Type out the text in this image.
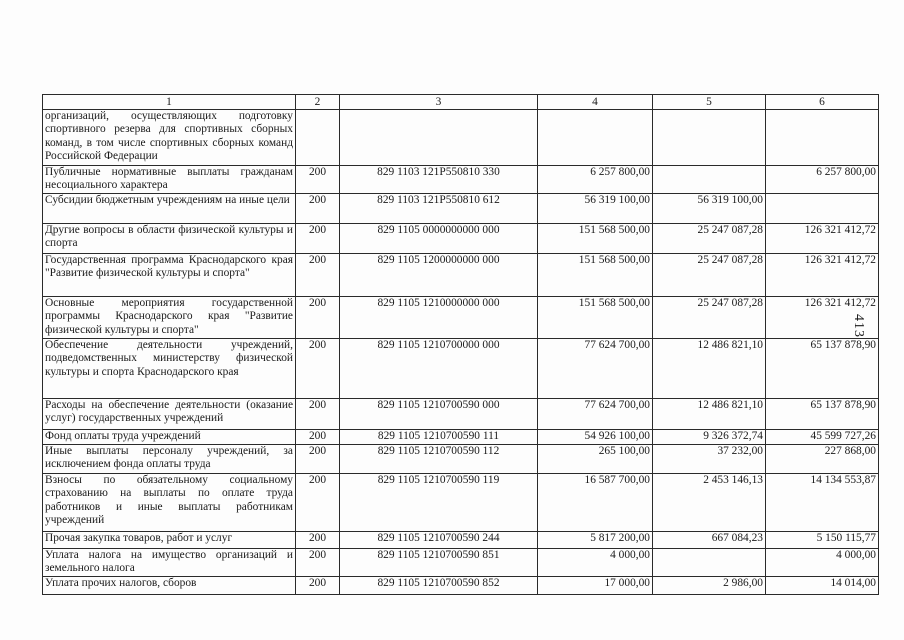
413
1	2	3	4	5	6
организаций, осуществляющих подготовку спортивного резерва для спортивных сборных команд, в том числе спортивных сборных команд Российской Федерации					
Публичные нормативные выплаты гражданам несоциального характера	200	829 1103 121P550810 330	6 257 800,00		6 257 800,00
Субсидии бюджетным учреждениям на иные цели	200	829 1103 121P550810 612	56 319 100,00	56 319 100,00	
Другие вопросы в области физической культуры и спорта	200	829 1105 0000000000 000	151 568 500,00	25 247 087,28	126 321 412,72
Государственная программа Краснодарского края "Развитие физической культуры и спорта"	200	829 1105 1200000000 000	151 568 500,00	25 247 087,28	126 321 412,72
Основные мероприятия государственной программы Краснодарского края "Развитие физической культуры и спорта"	200	829 1105 1210000000 000	151 568 500,00	25 247 087,28	126 321 412,72
Обеспечение деятельности учреждений, подведомственных министерству физической культуры и спорта Краснодарского края	200	829 1105 1210700000 000	77 624 700,00	12 486 821,10	65 137 878,90
Расходы на обеспечение деятельности (оказание услуг) государственных учреждений	200	829 1105 1210700590 000	77 624 700,00	12 486 821,10	65 137 878,90
Фонд оплаты труда учреждений	200	829 1105 1210700590 111	54 926 100,00	9 326 372,74	45 599 727,26
Иные выплаты персоналу учреждений, за исключением фонда оплаты труда	200	829 1105 1210700590 112	265 100,00	37 232,00	227 868,00
Взносы по обязательному социальному страхованию на выплаты по оплате труда работников и иные выплаты работникам учреждений	200	829 1105 1210700590 119	16 587 700,00	2 453 146,13	14 134 553,87
Прочая закупка товаров, работ и услуг	200	829 1105 1210700590 244	5 817 200,00	667 084,23	5 150 115,77
Уплата налога на имущество организаций и земельного налога	200	829 1105 1210700590 851	4 000,00		4 000,00
Уплата прочих налогов, сборов	200	829 1105 1210700590 852	17 000,00	2 986,00	14 014,00
